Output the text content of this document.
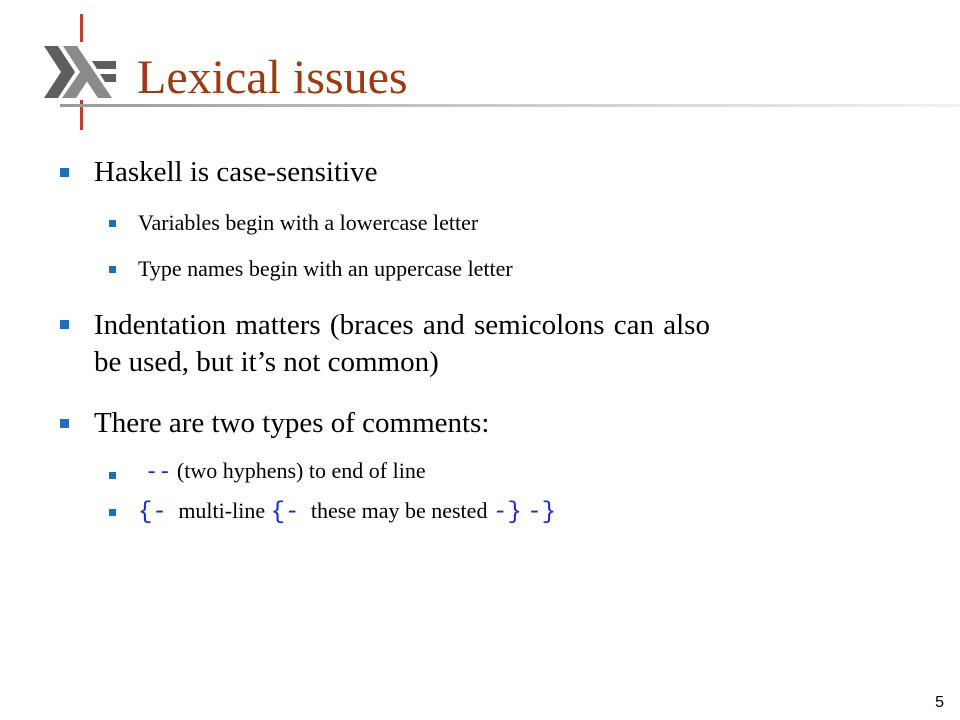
Lexical issues
Haskell is case-sensitive
Variables begin with a lowercase letter
Type names begin with an uppercase letter
Indentation matters (braces and semicolons can also
be used, but it’s not common)
There are two types of comments:
-- (two hyphens) to end of line
{- multi-line {- these may be nested -} -}
5
